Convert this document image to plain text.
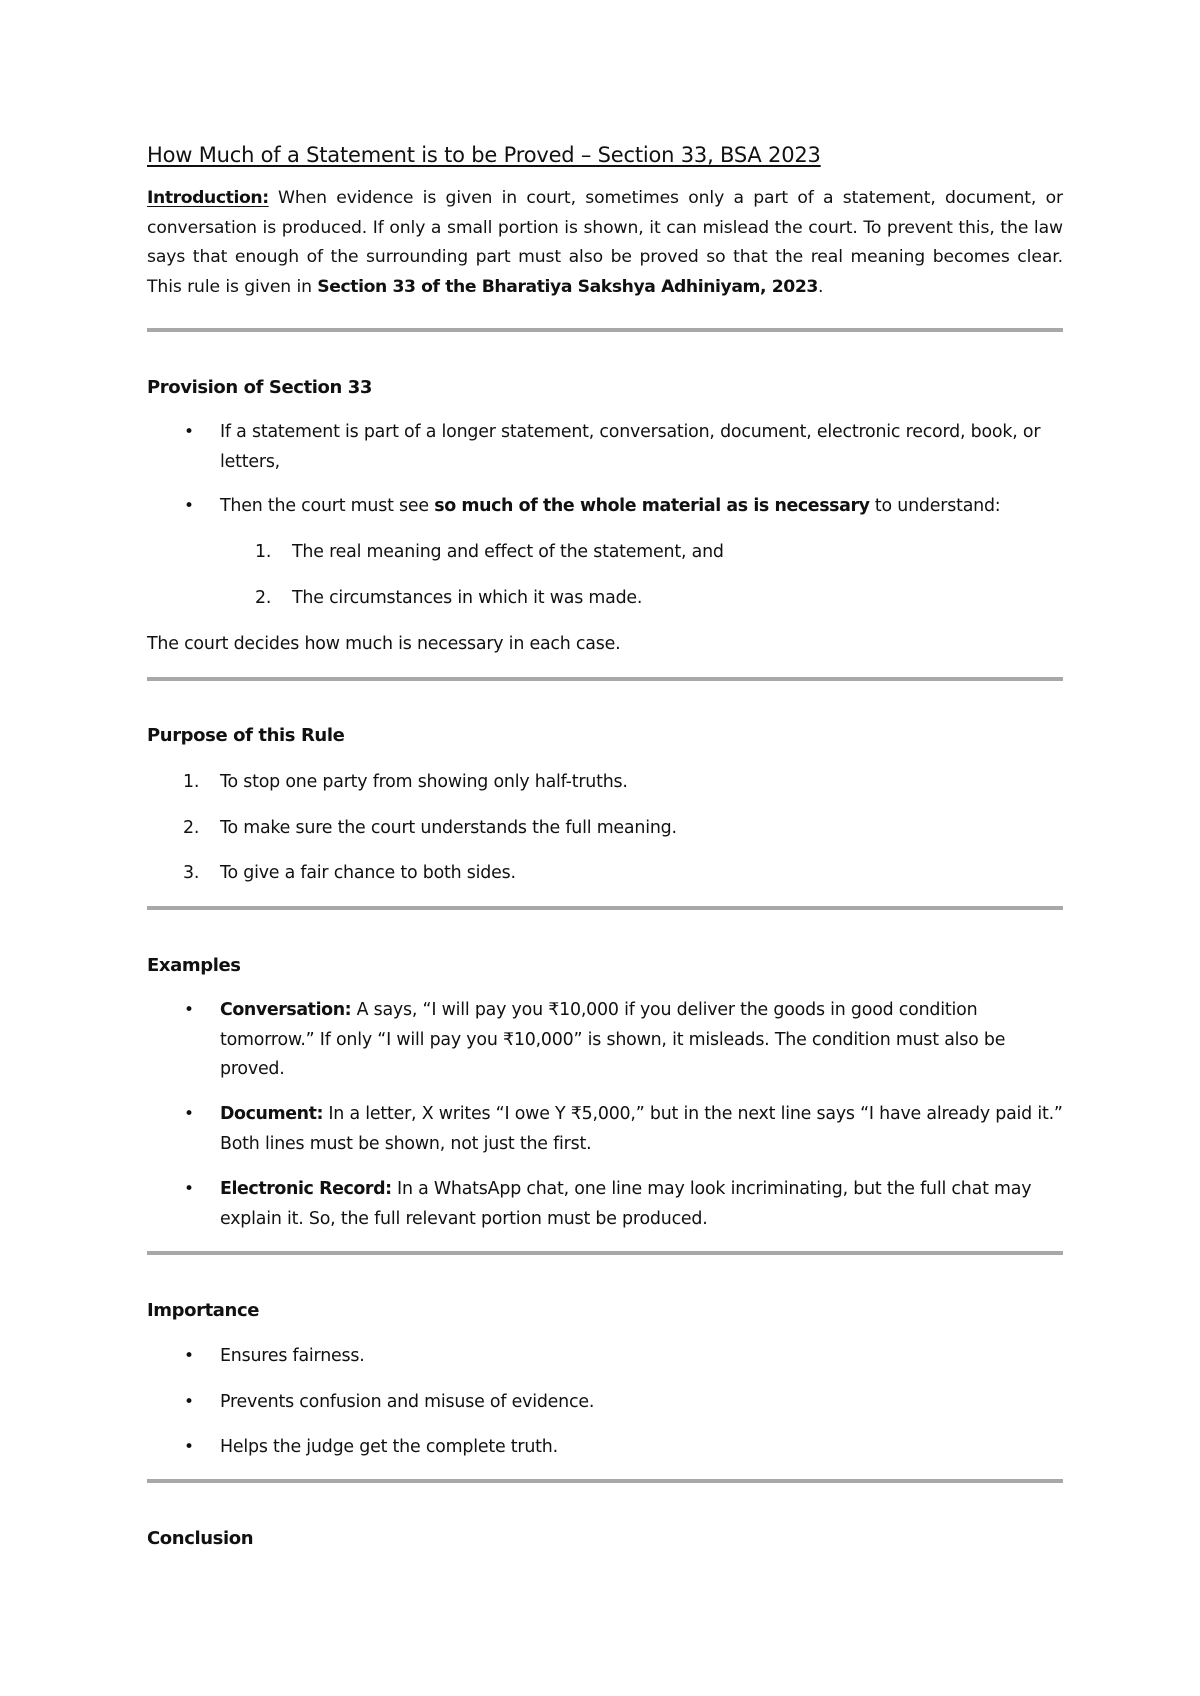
How Much of a Statement is to be Proved – Section 33, BSA 2023

Introduction: When evidence is given in court, sometimes only a part of a statement, document, or conversation is produced. If only a small portion is shown, it can mislead the court. To prevent this, the law says that enough of the surrounding part must also be proved so that the real meaning becomes clear. This rule is given in Section 33 of the Bharatiya Sakshya Adhiniyam, 2023.

Provision of Section 33
• If a statement is part of a longer statement, conversation, document, electronic record, book, or letters,
• Then the court must see so much of the whole material as is necessary to understand:
1. The real meaning and effect of the statement, and
2. The circumstances in which it was made.

The court decides how much is necessary in each case.

Purpose of this Rule
1. To stop one party from showing only half-truths.
2. To make sure the court understands the full meaning.
3. To give a fair chance to both sides.
Examples
• Conversation: A says, “I will pay you ₹10,000 if you deliver the goods in good condition tomorrow.” If only “I will pay you ₹10,000” is shown, it misleads. The condition must also be proved.
• Document: In a letter, X writes “I owe Y ₹5,000,” but in the next line says “I have already paid it.” Both lines must be shown, not just the first.
• Electronic Record: In a WhatsApp chat, one line may look incriminating, but the full chat may explain it. So, the full relevant portion must be produced.
Importance
• Ensures fairness.
• Prevents confusion and misuse of evidence.
• Helps the judge get the complete truth.
Conclusion
